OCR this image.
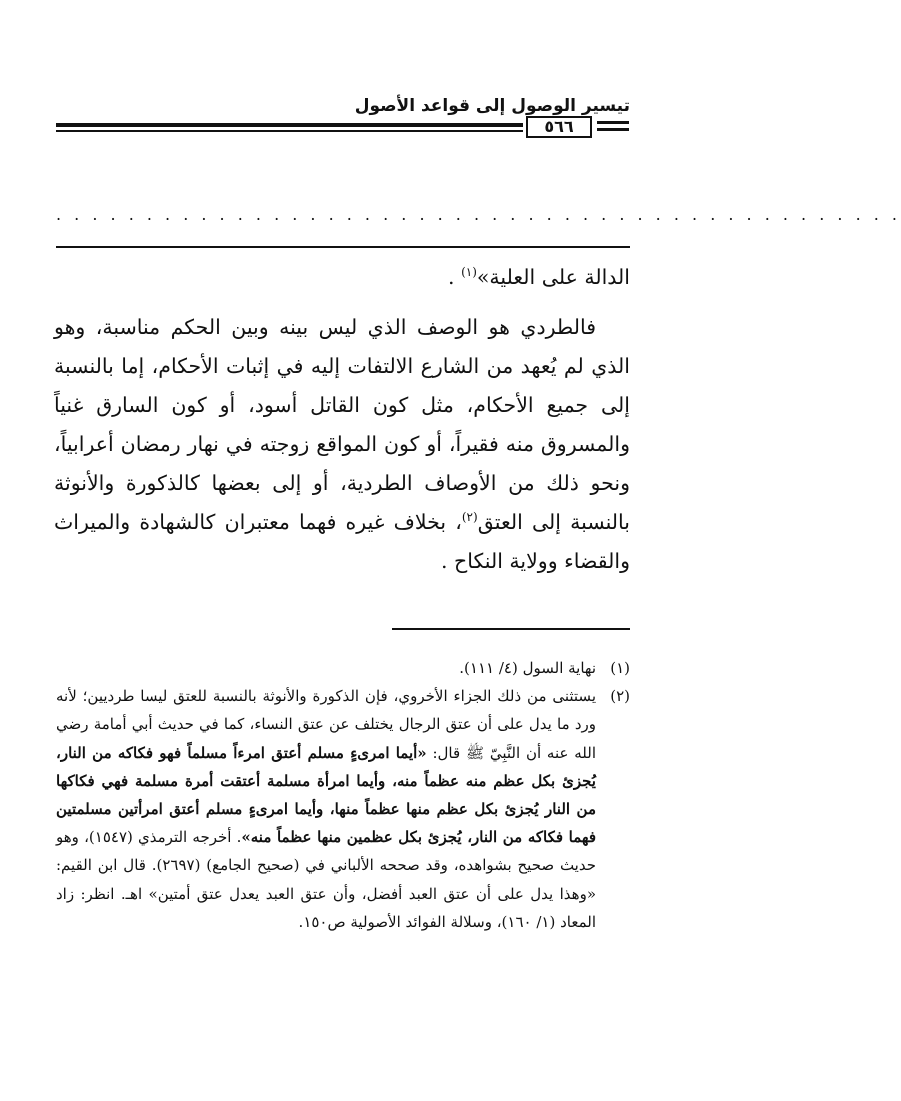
تيسير الوصول إلى قواعد الأصول
٥٦٦
. . . . . . . . . . . . . . . . . . . . . . . . . . . . . . . . . . . . . . . . . . . . . . .

الدالة على العلية»$^{(١)}$ .

فالطردي هو الوصف الذي ليس بينه وبين الحكم مناسبة، وهو الذي لم يُعهد من الشارع الالتفات إليه في إثبات الأحكام، إما بالنسبة إلى جميع الأحكام، مثل كون القاتل أسود، أو كون السارق غنياً والمسروق منه فقيراً، أو كون المواقع زوجته في نهار رمضان أعرابياً، ونحو ذلك من الأوصاف الطردية، أو إلى بعضها كالذكورة والأنوثة بالنسبة إلى العتق$^{(٢)}$، بخلاف غيره فهما معتبران كالشهادة والميراث والقضاء وولاية النكاح .

(١)
نهاية السول (٤/ ١١١).
(٢)
يستثنى من ذلك الجزاء الأخروي، فإن الذكورة والأنوثة بالنسبة للعتق ليسا طرديين؛ لأنه ورد ما يدل على أن عتق الرجال يختلف عن عتق النساء، كما في حديث أبي أمامة رضي الله عنه أن النَّبِيّ ﷺ قال: «أيما امرىءٍ مسلم أعتق امرءاً مسلماً فهو فكاكه من النار، يُجزئ بكل عظم منه عظماً منه، وأيما امرأة مسلمة أعتقت أمرة مسلمة فهي فكاكها من النار يُجزئ بكل عظم منها عظماً منها، وأيما امرىءٍ مسلم أعتق امرأتين مسلمتين فهما فكاكه من النار، يُجزئ بكل عظمين منها عظماً منه». أخرجه الترمذي (١٥٤٧)، وهو حديث صحيح بشواهده، وقد صححه الألباني في (صحيح الجامع) (٢٦٩٧). قال ابن القيم: «وهذا يدل على أن عتق العبد أفضل، وأن عتق العبد يعدل عتق أمتين» اهـ. انظر: زاد المعاد (١/ ١٦٠)، وسلالة الفوائد الأصولية ص١٥٠.
